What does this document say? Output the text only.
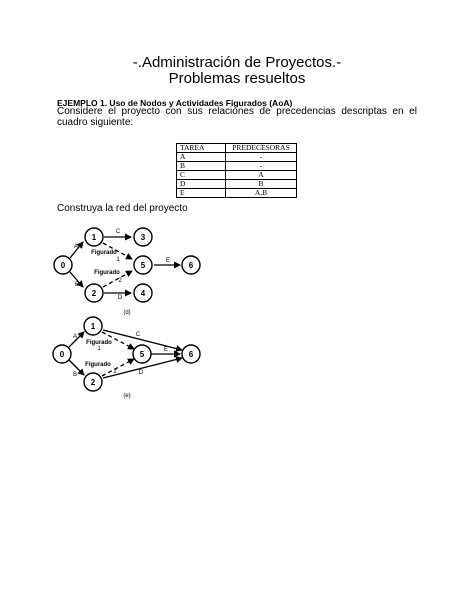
-.Administración de Proyectos.-
Problemas resueltos
EJEMPLO 1. Uso de Nodos y Actividades Figurados (AoA)
Considere el proyecto con sus relaciones de precedencias descriptas en el cuadro siguiente:
TAREA	PREDECESORAS
A	-
B	-
C	A
D	B
E	A,B
Construya la red del proyecto
0
1
2
3
4
5	6
A
B
C
D
E
Figurado
1
Figurado
2
(d)
0
1
2
5	6
A
B
C
D
E
Figurado
1
Figurado
2
(e)
